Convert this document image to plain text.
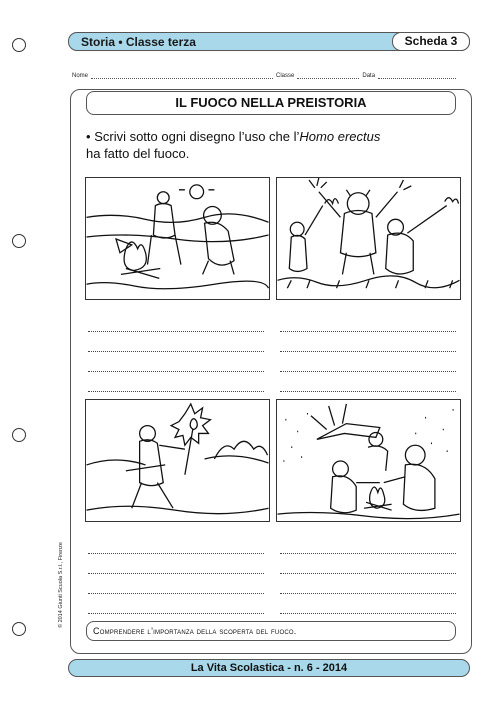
Storia • Classe terza	Scheda 3
Nome	Classe	Data
IL FUOCO NELLA PREISTORIA
• Scrivi sotto ogni disegno l’uso che l’Homo erectus
ha fatto del fuoco.
Comprendere l’importanza della scoperta del fuoco.
© 2014 Giunti Scuola S.r.l., Firenze
La Vita Scolastica - n. 6 - 2014
